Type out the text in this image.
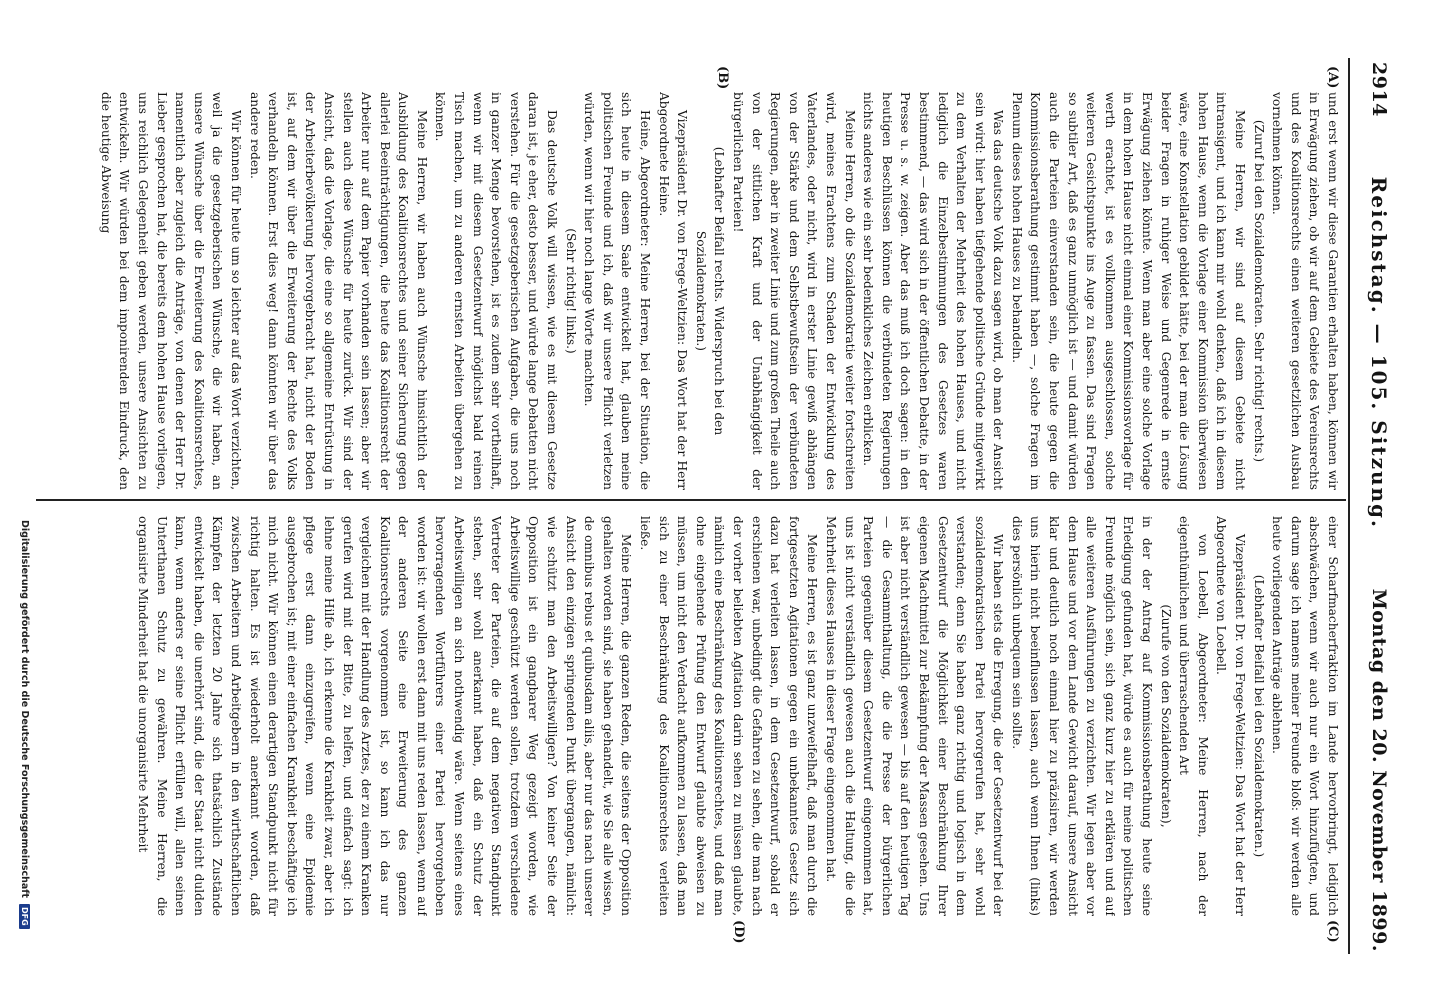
2914
Reichstag. — 105. Sitzung.
Montag den 20. November 1899.
(A)
(B)
(C)
(D)

und erst wenn wir diese Garantien erhalten haben, können wir in Erwägung ziehen, ob wir auf dem Gebiete des Vereinsrechts und des Koalitionsrechts einen weiteren gesetzlichen Ausbau vornehmen können.

(Zuruf bei den Sozialdemokraten. Sehr richtig! rechts.)

Meine Herren, wir sind auf diesem Gebiete nicht intransigent, und ich kann mir wohl denken, daß ich in diesem hohen Hause, wenn die Vorlage einer Kommission überwiesen wäre, eine Konstellation gebildet hätte, bei der man die Lösung beider Fragen in ruhiger Weise und Gegenrede in ernste Erwägung ziehen könnte. Wenn man aber eine solche Vorlage in dem hohen Hause nicht einmal einer Kommissionsvorlage für werth erachtet, ist es vollkommen ausgeschlossen, solche weiteren Gesichtspunkte ins Auge zu fassen. Das sind Fragen so subtiler Art, daß es ganz unmöglich ist — und damit würden auch die Parteien einverstanden sein, die heute gegen die Kommissionsberathung gestimmt haben —, solche Fragen im Plenum dieses hohen Hauses zu behandeln.

Was das deutsche Volk dazu sagen wird, ob man der Ansicht sein wird: hier haben tiefgehende politische Gründe mitgewirkt zu dem Verhalten der Mehrheit des hohen Hauses, und nicht lediglich die Einzelbestimmungen des Gesetzes waren bestimmend, — das wird sich in der öffentlichen Debatte, in der Presse u. s. w. zeigen. Aber das muß ich doch sagen: in den heutigen Beschlüssen können die verbündeten Regierungen nichts anderes wie ein sehr bedenkliches Zeichen erblicken.

Meine Herren, ob die Sozialdemokratie weiter fortschreiten wird, meines Erachtens zum Schaden der Entwicklung des Vaterlandes, oder nicht, wird in erster Linie gewiß abhängen von der Stärke und dem Selbstbewußtsein der verbündeten Regierungen, aber in zweiter Linie und zum großen Theile auch von der sittlichen Kraft und der Unabhängigkeit der bürgerlichen Parteien!

(Lebhafter Beifall rechts. Widerspruch bei den Sozialdemokraten.)

Vizepräsident Dr. von Frege-Weltzien: Das Wort hat der Herr Abgeordnete Heine.

Heine, Abgeordneter: Meine Herren, bei der Situation, die sich heute in diesem Saale entwickelt hat, glauben meine politischen Freunde und ich, daß wir unsere Pflicht verletzen würden, wenn wir hier noch lange Worte machten.

(Sehr richtig! links.)

Das deutsche Volk will wissen, wie es mit diesem Gesetze daran ist, je eher, desto besser, und würde lange Debatten nicht verstehen. Für die gesetzgeberischen Aufgaben, die uns noch in ganzer Menge bevorstehen, ist es zudem sehr vortheilhaft, wenn wir mit diesem Gesetzentwurf möglichst bald reinen Tisch machen, um zu anderen ernsten Arbeiten übergehen zu können.

Meine Herren, wir haben auch Wünsche hinsichtlich der Ausbildung des Koalitionsrechtes und seiner Sicherung gegen allerlei Beeinträchtigungen, die heute das Koalitionsrecht der Arbeiter nur auf dem Papier vorhanden sein lassen; aber wir stellen auch diese Wünsche für heute zurück. Wir sind der Ansicht, daß die Vorlage, die eine so allgemeine Entrüstung in der Arbeiterbevölkerung hervorgebracht hat, nicht der Boden ist, auf dem wir über die Erweiterung der Rechte des Volks verhandeln können. Erst dies weg! dann könnten wir über das andere reden.

Wir können für heute um so leichter auf das Wort verzichten, weil ja die gesetzgeberischen Wünsche, die wir haben, an unsere Wünsche über die Erweiterung des Koalitionsrechtes, namentlich aber zugleich die Anträge, von denen der Herr Dr. Lieber gesprochen hat, die bereits dem hohen Hause vorliegen, uns reichlich Gelegenheit geben werden, unsere Ansichten zu entwickeln. Wir würden bei dem imponirenden Eindruck, den die heutige Abweisung

einer Scharfmacherfraktion im Lande hervorbringt, lediglich abschwächen, wenn wir auch nur ein Wort hinzufügten, und darum sage ich namens meiner Freunde bloß: wir werden alle heute vorliegenden Anträge ablehnen.

(Lebhafter Beifall bei den Sozialdemokraten.)

Vizepräsident Dr. von Frege-Weltzien: Das Wort hat der Herr Abgeordnete von Loebell.

von Loebell, Abgeordneter: Meine Herren, nach der eigenthümlichen und überraschenden Art

(Zurufe von den Sozialdemokraten),

in der der Antrag auf Kommissionsberathung heute seine Erledigung gefunden hat, würde es auch für meine politischen Freunde möglich sein, sich ganz kurz hier zu erklären und auf alle weiteren Ausführungen zu verzichten. Wir legen aber vor dem Hause und vor dem Lande Gewicht darauf, unsere Ansicht klar und deutlich noch einmal hier zu präzisiren, wir werden uns hierin nicht beeinflussen lassen, auch wenn Ihnen (links) dies persönlich unbequem sein sollte.

Wir haben stets die Erregung, die der Gesetzentwurf bei der sozialdemokratischen Partei hervorgerufen hat, sehr wohl verstanden; denn Sie haben ganz richtig und logisch in dem Gesetzentwurf die Möglichkeit einer Beschränkung Ihrer eigenen Machtmittel zur Bekämpfung der Massen gesehen. Uns ist aber nicht verständlich gewesen — bis auf den heutigen Tag — die Gesammthaltung, die die Presse der bürgerlichen Parteien gegenüber diesem Gesetzentwurf eingenommen hat, uns ist nicht verständlich gewesen auch die Haltung, die die Mehrheit dieses Hauses in dieser Frage eingenommen hat.

Meine Herren, es ist ganz unzweifelhaft, daß man durch die fortgesetzten Agitationen gegen ein unbekanntes Gesetz sich dazu hat verleiten lassen, in dem Gesetzentwurf, sobald er erschienen war, unbedingt die Gefahren zu sehen, die man nach der vorher beliebten Agitation darin sehen zu müssen glaubte, nämlich eine Beschränkung des Koalitionsrechtes, und daß man ohne eingehende Prüfung den Entwurf glaubte abweisen zu müssen, um nicht den Verdacht aufkommen zu lassen, daß man sich zu einer Beschränkung des Koalitionsrechtes verleiten ließe.

Meine Herren, die ganzen Reden, die seitens der Opposition gehalten worden sind, sie haben gehandelt, wie Sie alle wissen, de omnibus rebus et quibusdam aliis, aber nur das nach unserer Ansicht den einzigen springenden Punkt übergangen, nämlich: wie schützt man den Arbeitswilligen? Von keiner Seite der Opposition ist ein gangbarer Weg gezeigt worden, wie Arbeitswillige geschützt werden sollen, trotzdem verschiedene Vertreter der Parteien, die auf dem negativen Standpunkt stehen, sehr wohl anerkannt haben, daß ein Schutz der Arbeitswilligen an sich nothwendig wäre. Wenn seitens eines hervorragenden Wortführers einer Partei hervorgehoben worden ist: wir wollen erst dann mit uns reden lassen, wenn auf der anderen Seite eine Erweiterung des ganzen Koalitionsrechts vorgenommen ist, so kann ich das nur vergleichen mit der Handlung des Arztes, der zu einem Kranken gerufen wird mit der Bitte, zu helfen, und einfach sagt: ich lehne meine Hilfe ab, ich erkenne die Krankheit zwar, aber ich pflege erst dann einzugreifen, wenn eine Epidemie ausgebrochen ist; mit einer einfachen Krankheit beschäftige ich mich nicht. Wir können einen derartigen Standpunkt nicht für richtig halten. Es ist wiederholt anerkannt worden, daß zwischen Arbeitern und Arbeitgebern in den wirthschaftlichen Kämpfen der letzten 20 Jahre sich thatsächlich Zustände entwickelt haben, die unerhört sind, die der Staat nicht dulden kann, wenn anders er seine Pflicht erfüllen will, allen seinen Unterthanen Schutz zu gewähren. Meine Herren, die organisirte Minderheit hat die unorganisirte Mehrheit

Digitalisierung gefördert durch die Deutsche Forschungsgemeinschaft
DFG
